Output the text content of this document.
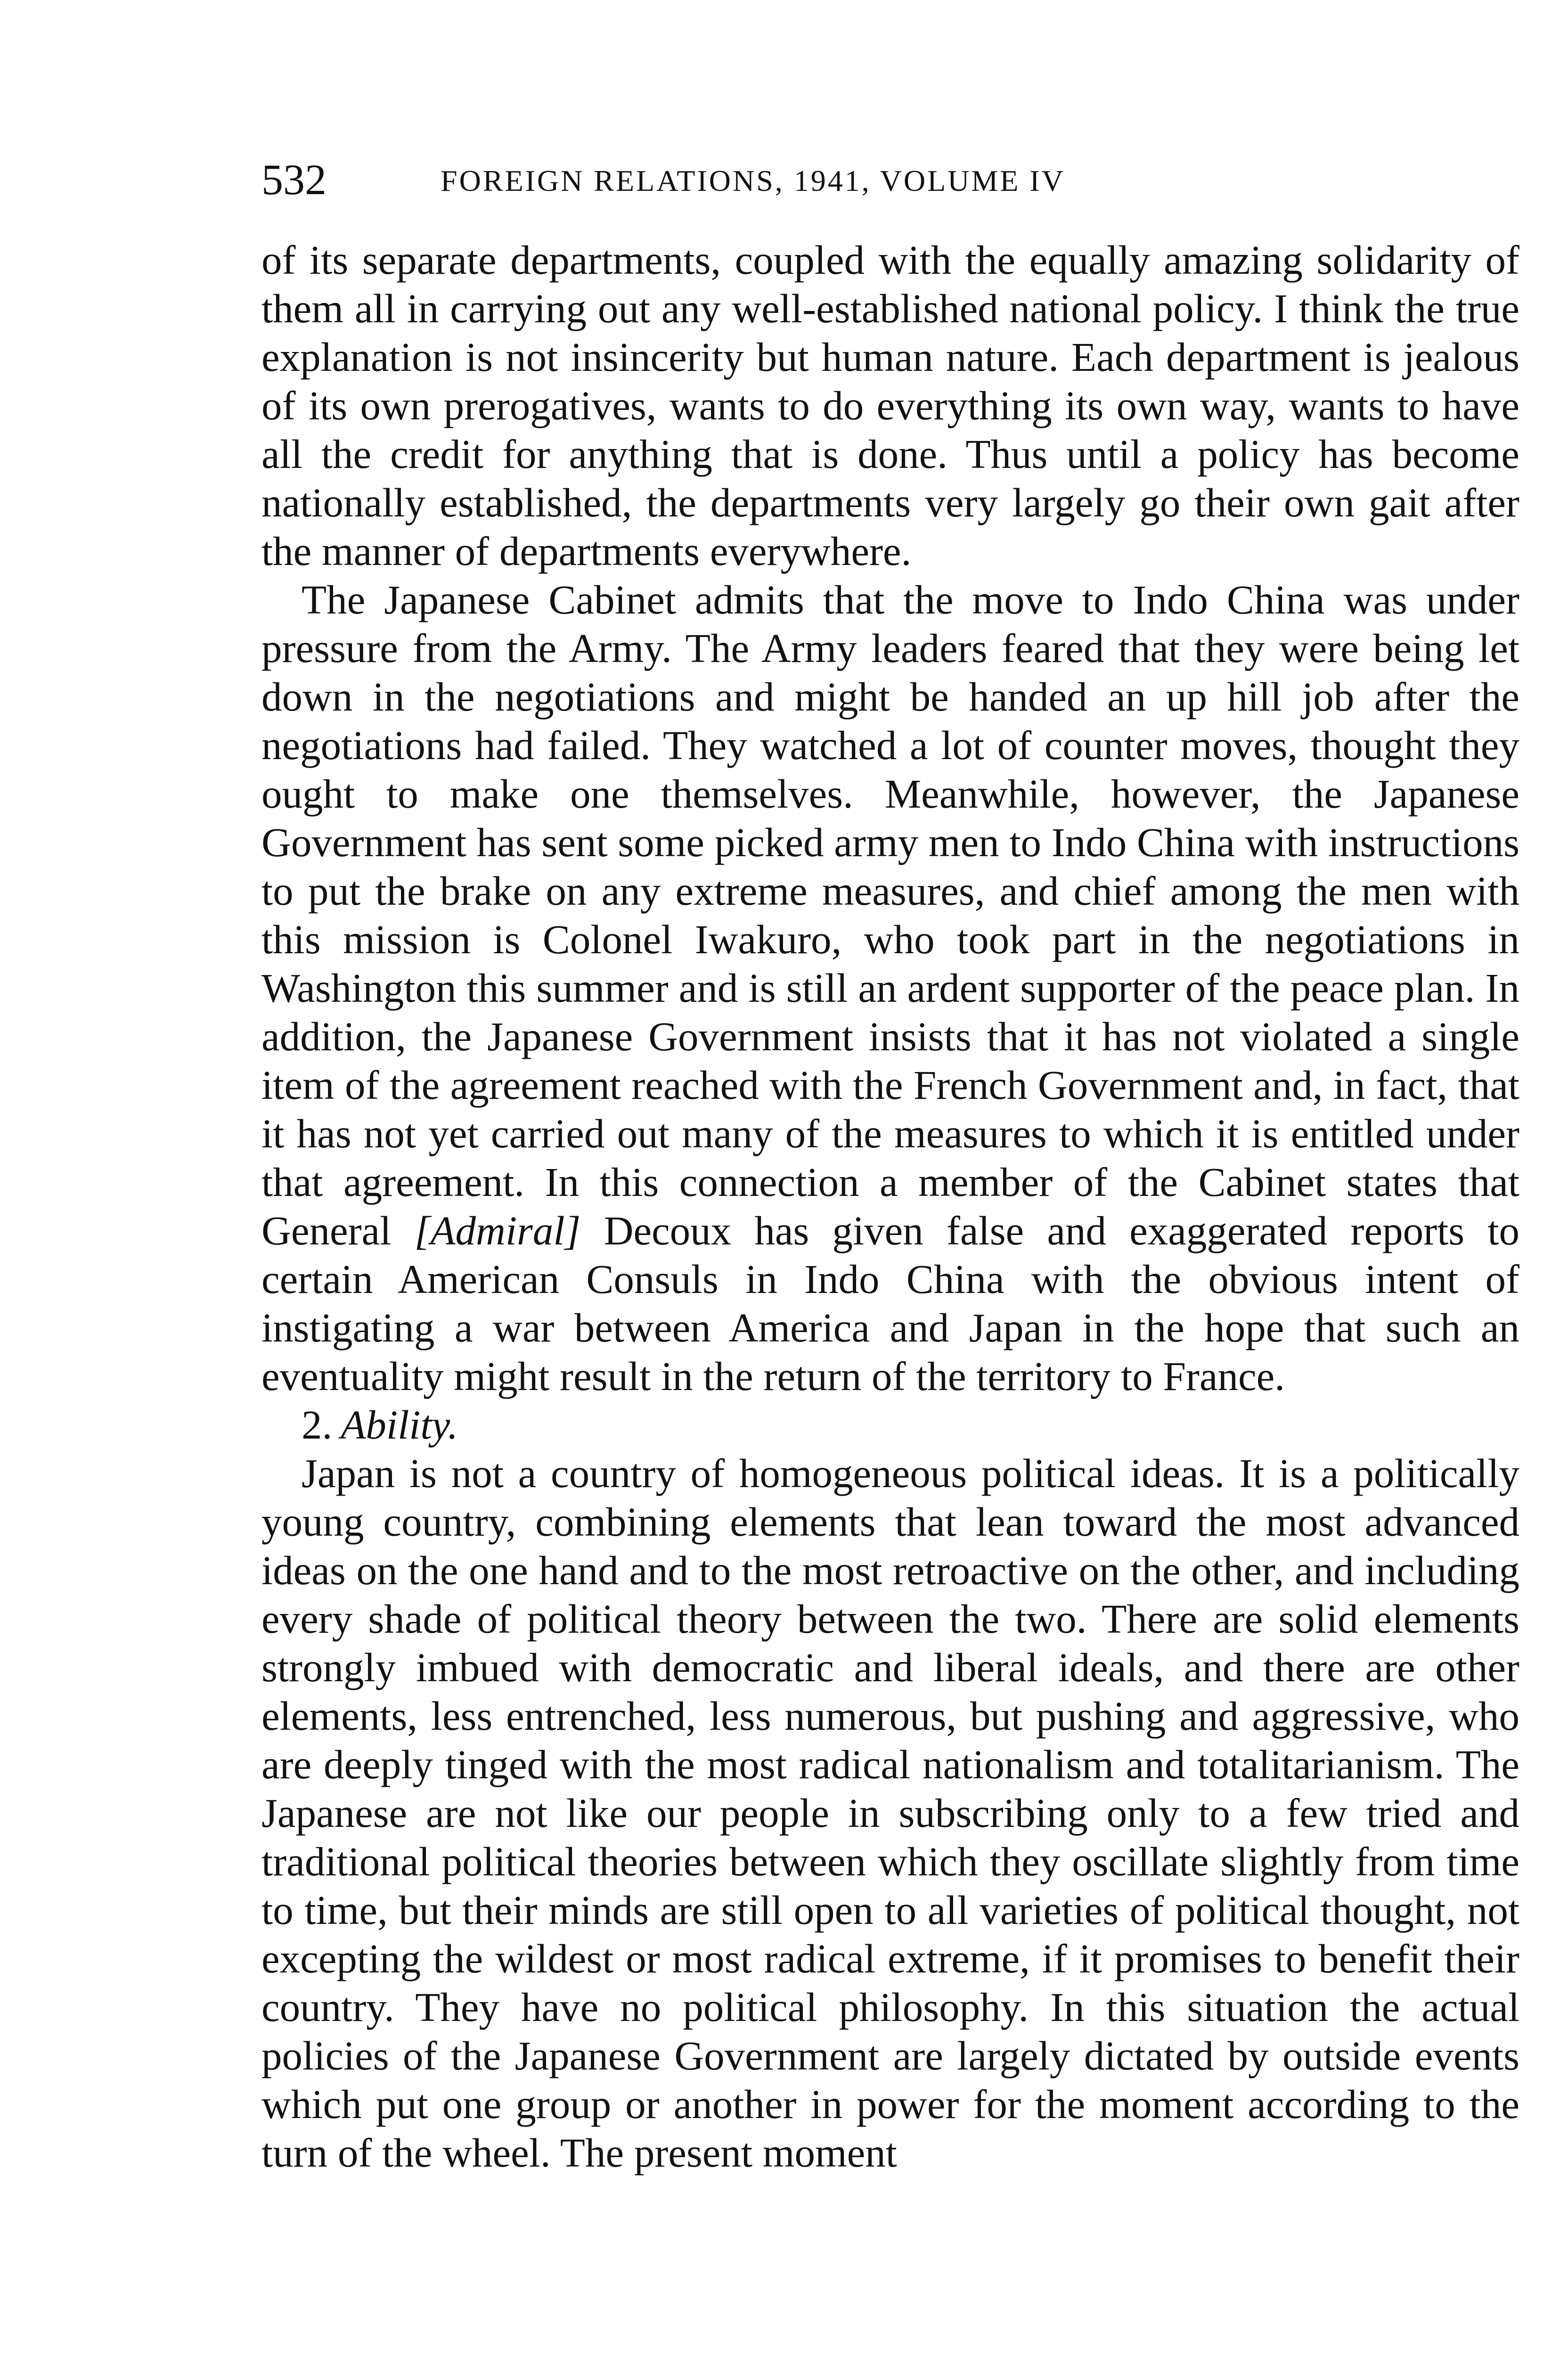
532	FOREIGN RELATIONS, 1941, VOLUME IV

of its separate departments, coupled with the equally amazing solidarity of them all in carrying out any well-established national policy. I think the true explanation is not insincerity but human nature. Each department is jealous of its own prerogatives, wants to do everything its own way, wants to have all the credit for anything that is done. Thus until a policy has become nationally established, the departments very largely go their own gait after the manner of departments everywhere.

The Japanese Cabinet admits that the move to Indo China was under pressure from the Army. The Army leaders feared that they were being let down in the negotiations and might be handed an up hill job after the negotiations had failed. They watched a lot of counter moves, thought they ought to make one themselves. Meanwhile, however, the Japanese Government has sent some picked army men to Indo China with instructions to put the brake on any extreme measures, and chief among the men with this mission is Colonel Iwakuro, who took part in the negotiations in Washington this summer and is still an ardent supporter of the peace plan. In addition, the Japanese Government insists that it has not violated a single item of the agreement reached with the French Government and, in fact, that it has not yet carried out many of the measures to which it is entitled under that agreement. In this connection a member of the Cabinet states that General [Admiral] Decoux has given false and exaggerated reports to certain American Consuls in Indo China with the obvious intent of instigating a war between America and Japan in the hope that such an eventuality might result in the return of the territory to France.

2. Ability.

Japan is not a country of homogeneous political ideas. It is a politically young country, combining elements that lean toward the most advanced ideas on the one hand and to the most retroactive on the other, and including every shade of political theory between the two. There are solid elements strongly imbued with democratic and liberal ideals, and there are other elements, less entrenched, less numerous, but pushing and aggressive, who are deeply tinged with the most radical nationalism and totalitarianism. The Japanese are not like our people in subscribing only to a few tried and traditional political theories between which they oscillate slightly from time to time, but their minds are still open to all varieties of political thought, not excepting the wildest or most radical extreme, if it promises to benefit their country. They have no political philosophy. In this situation the actual policies of the Japanese Government are largely dictated by outside events which put one group or another in power for the moment according to the turn of the wheel. The present moment
